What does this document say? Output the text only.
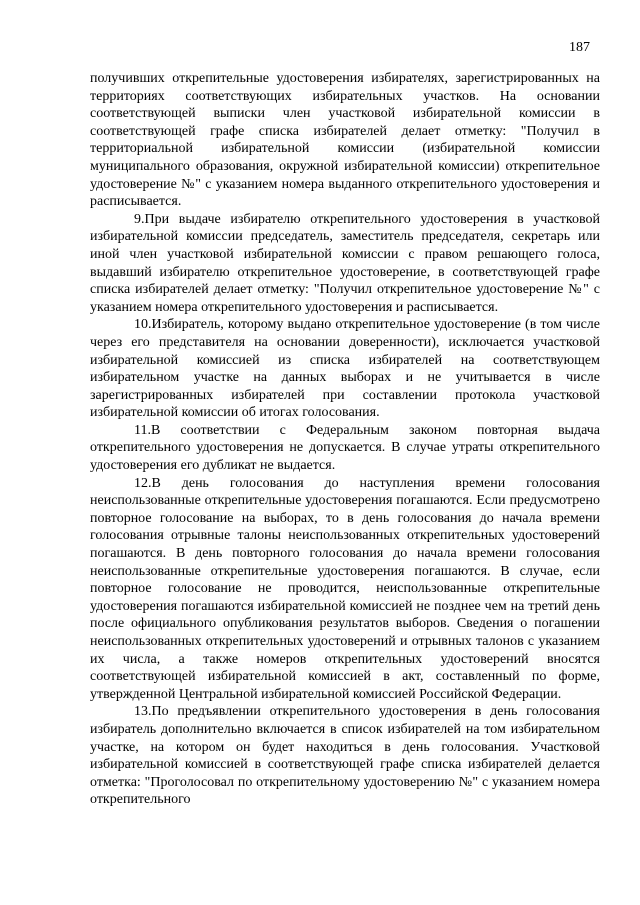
187

получивших открепительные удостоверения избирателях, зарегистрированных на территориях соответствующих избирательных участков. На основании соответствующей выписки член участковой избирательной комиссии в соответствующей графе списка избирателей делает отметку: "Получил в территориальной избирательной комиссии (избирательной комиссии муниципального образования, окружной избирательной комиссии) открепительное удостоверение №" с указанием номера выданного открепительного удостоверения и расписывается.

9.При выдаче избирателю открепительного удостоверения в участковой избирательной комиссии председатель, заместитель председателя, секретарь или иной член участковой избирательной комиссии с правом решающего голоса, выдавший избирателю открепительное удостоверение, в соответствующей графе списка избирателей делает отметку: "Получил открепительное удостоверение №" с указанием номера открепительного удостоверения и расписывается.

10.Избиратель, которому выдано открепительное удостоверение (в том числе через его представителя на основании доверенности), исключается участковой избирательной комиссией из списка избирателей на соответствующем избирательном участке на данных выборах и не учитывается в числе зарегистрированных избирателей при составлении протокола участковой избирательной комиссии об итогах голосования.

11.В соответствии с Федеральным законом повторная выдача открепительного удостоверения не допускается. В случае утраты открепительного удостоверения его дубликат не выдается.

12.В день голосования до наступления времени голосования неиспользованные открепительные удостоверения погашаются. Если предусмотрено повторное голосование на выборах, то в день голосования до начала времени голосования отрывные талоны неиспользованных открепительных удостоверений погашаются. В день повторного голосования до начала времени голосования неиспользованные открепительные удостоверения погашаются. В случае, если повторное голосование не проводится, неиспользованные открепительные удостоверения погашаются избирательной комиссией не позднее чем на третий день после официального опубликования результатов выборов. Сведения о погашении неиспользованных открепительных удостоверений и отрывных талонов с указанием их числа, а также номеров открепительных удостоверений вносятся соответствующей избирательной комиссией в акт, составленный по форме, утвержденной Центральной избирательной комиссией Российской Федерации.

13.По предъявлении открепительного удостоверения в день голосования избиратель дополнительно включается в список избирателей на том избирательном участке, на котором он будет находиться в день голосования. Участковой избирательной комиссией в соответствующей графе списка избирателей делается отметка: "Проголосовал по открепительному удостоверению №" с указанием номера открепительного
